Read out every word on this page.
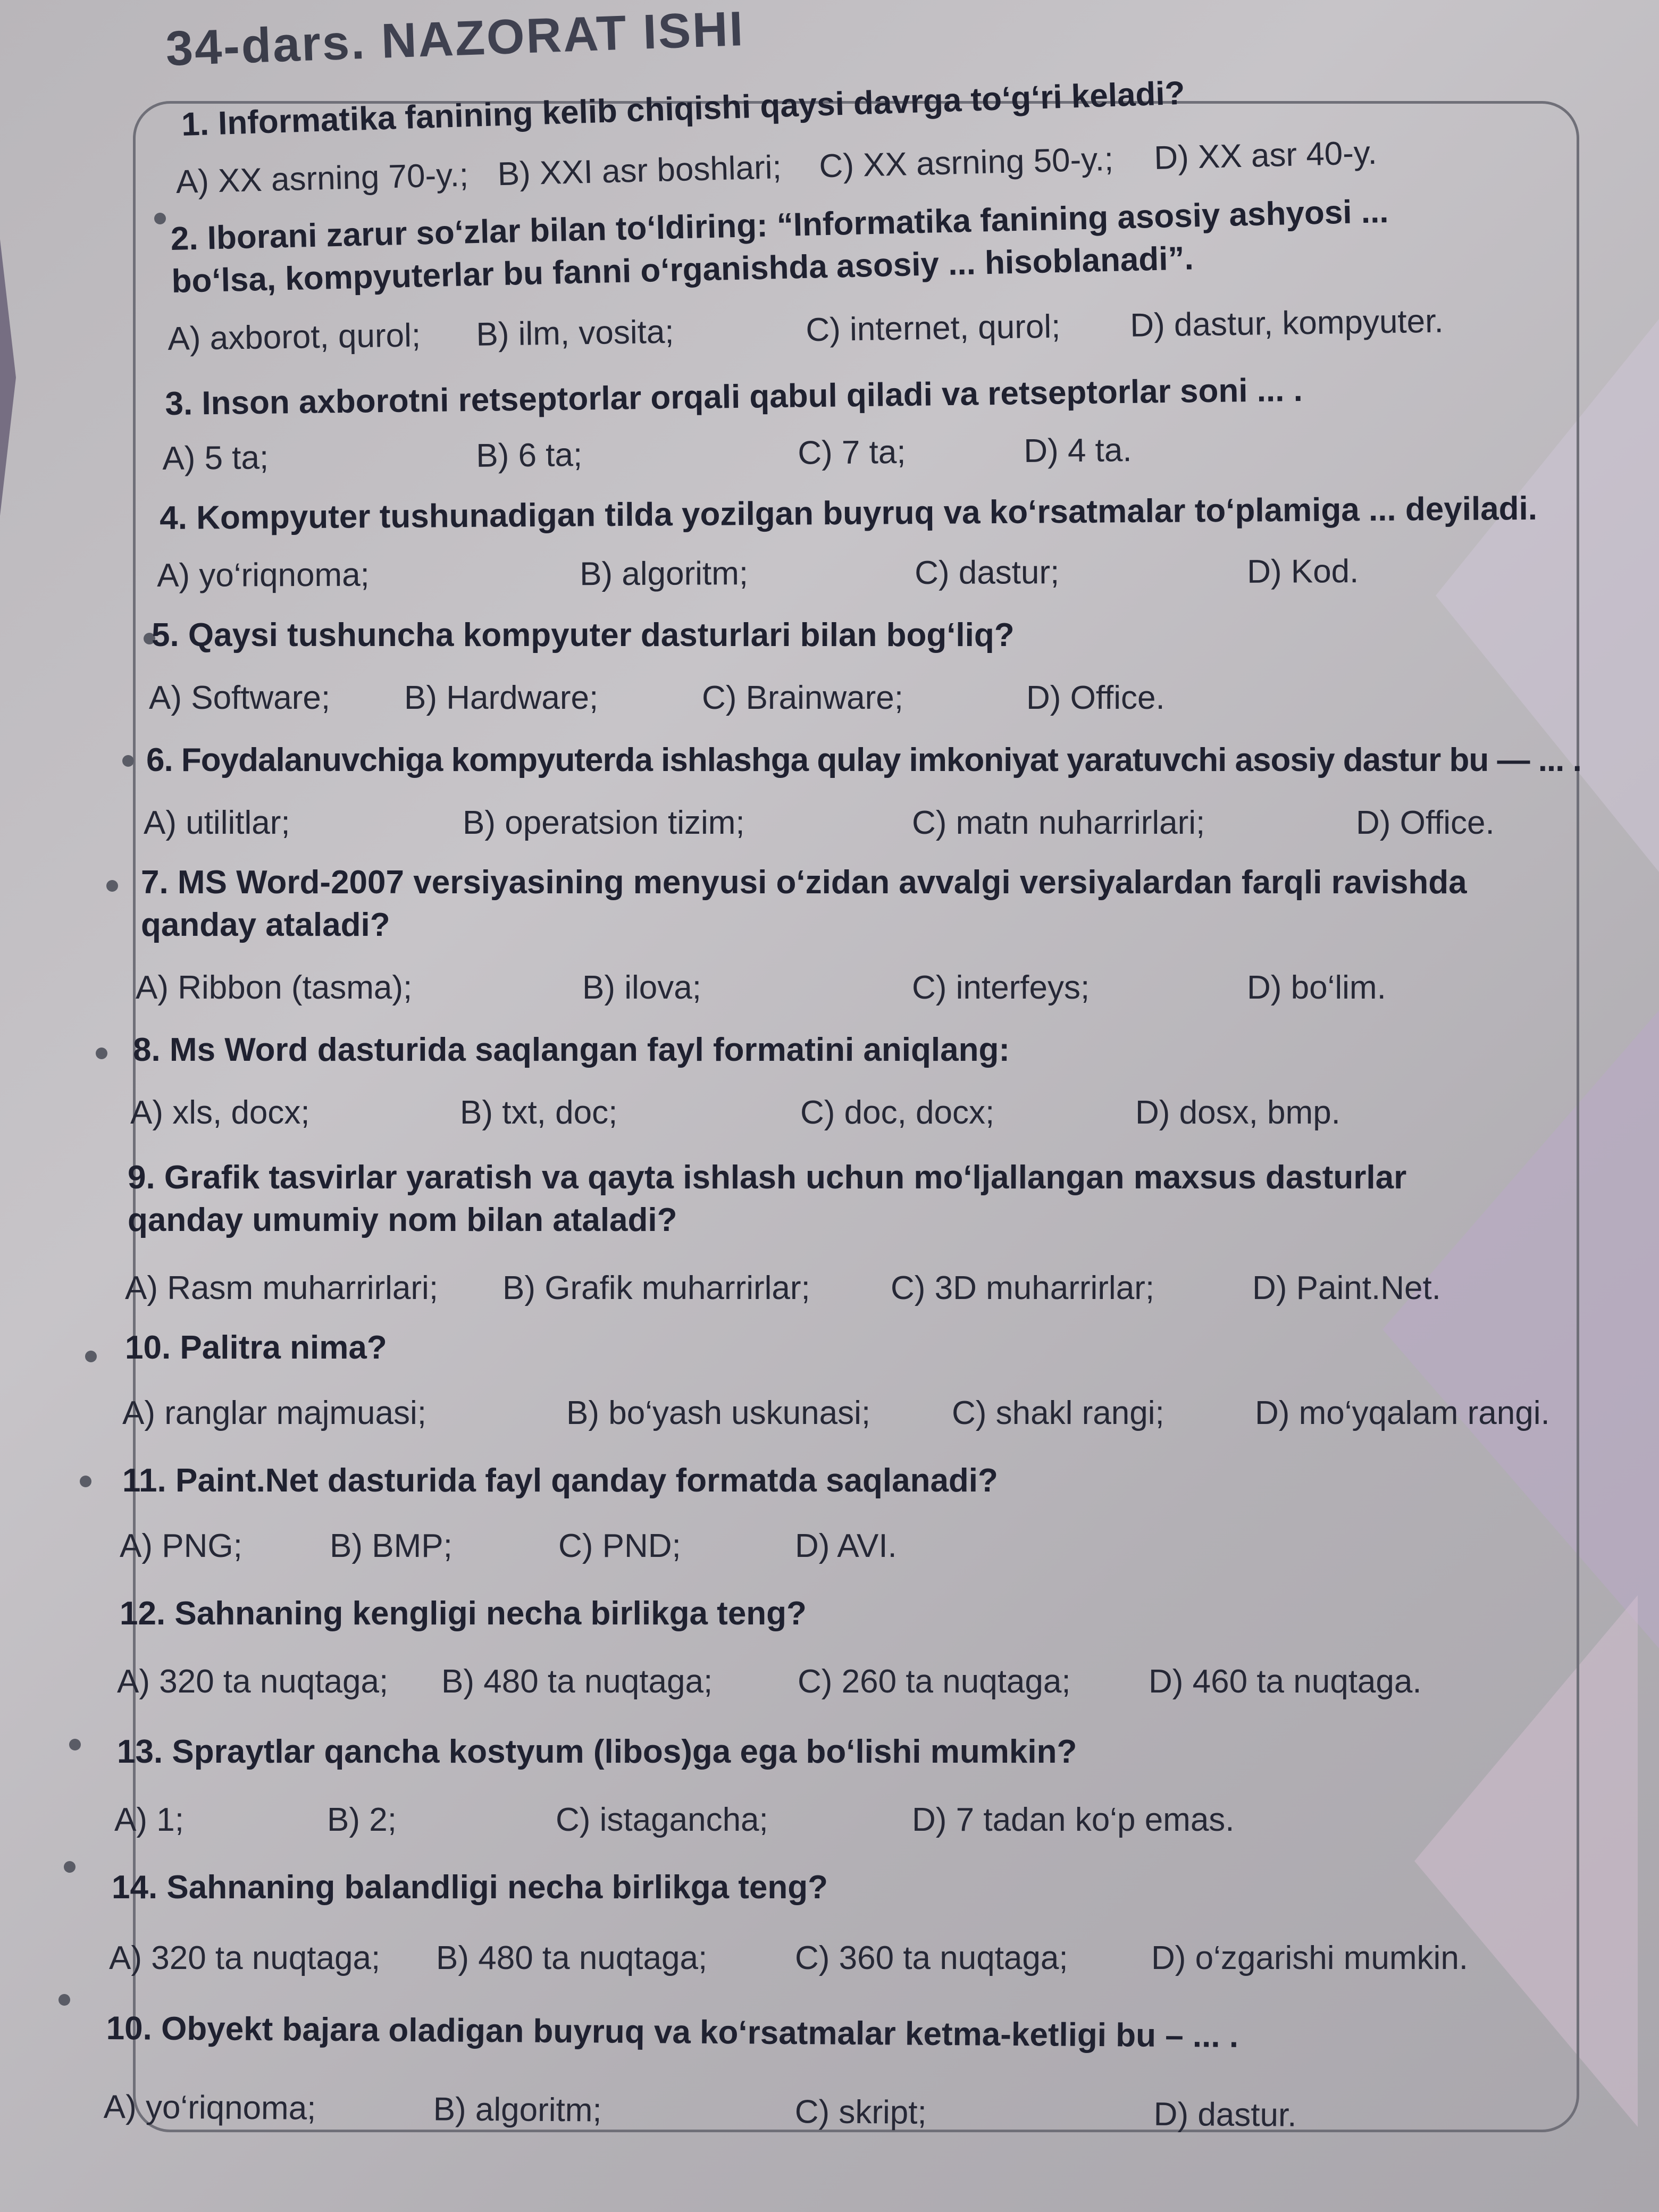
34-dars. NAZORAT ISHI
1. Informatika fanining kelib chiqishi qaysi davrga to‘g‘ri keladi?
A) XX asrning 70-y.; B) XXI asr boshlari; C) XX asrning 50-y.; D) XX asr 40-y.
2. Iborani zarur so‘zlar bilan to‘ldiring: “Informatika fanining asosiy ashyosi ... bo‘lsa, kompyuterlar bu fanni o‘rganishda asosiy ... hisoblanadi”.
A) axborot, qurol; B) ilm, vosita;	C) internet, qurol; D) dastur, kompyuter.
3. Inson axborotni retseptorlar orqali qabul qiladi va retseptorlar soni ... .
A) 5 ta;	B) 6 ta;	C) 7 ta;	D) 4 ta.
4. Kompyuter tushunadigan tilda yozilgan buyruq va ko‘rsatmalar to‘plamiga ... deyiladi.
A) yo‘riqnoma;	B) algoritm;	C) dastur;	D) Kod.
5. Qaysi tushuncha kompyuter dasturlari bilan bog‘liq?
A) Software; B) Hardware;	C) Brainware;	D) Office.
6. Foydalanuvchiga kompyuterda ishlashga qulay imkoniyat yaratuvchi asosiy dastur bu — ... .
A) utilitlar;	B) operatsion tizim;	C) matn nuharrirlari;	D) Office.
7. MS Word-2007 versiyasining menyusi o‘zidan avvalgi versiyalardan farqli ravishda qanday ataladi?
A) Ribbon (tasma);	B) ilova;	C) interfeys;	D) bo‘lim.
8. Ms Word dasturida saqlangan fayl formatini aniqlang:
A) xls, docx;	B) txt, doc;	C) doc, docx;	D) dosx, bmp.
9. Grafik tasvirlar yaratish va qayta ishlash uchun mo‘ljallangan maxsus dasturlar qanday umumiy nom bilan ataladi?
A) Rasm muharrirlari; B) Grafik muharrirlar; C) 3D muharrirlar;	D) Paint.Net.
10. Palitra nima?
A) ranglar majmuasi;	B) bo‘yash uskunasi; C) shakl rangi;	D) mo‘yqalam rangi.
11. Paint.Net dasturida fayl qanday formatda saqlanadi?
A) PNG;	B) BMP;	C) PND;	D) AVI.
12. Sahnaning kengligi necha birlikga teng?
A) 320 ta nuqtaga; B) 480 ta nuqtaga;	C) 260 ta nuqtaga; D) 460 ta nuqtaga.
13. Spraytlar qancha kostyum (libos)ga ega bo‘lishi mumkin?
A) 1;	B) 2;	C) istagancha;	D) 7 tadan ko‘p emas.
14. Sahnaning balandligi necha birlikga teng?
A) 320 ta nuqtaga; B) 480 ta nuqtaga;	C) 360 ta nuqtaga;	D) o‘zgarishi mumkin.
10. Obyekt bajara oladigan buyruq va ko‘rsatmalar ketma-ketligi bu – ... .
A) yo‘riqnoma;	B) algoritm;	C) skript;	D) dastur.
